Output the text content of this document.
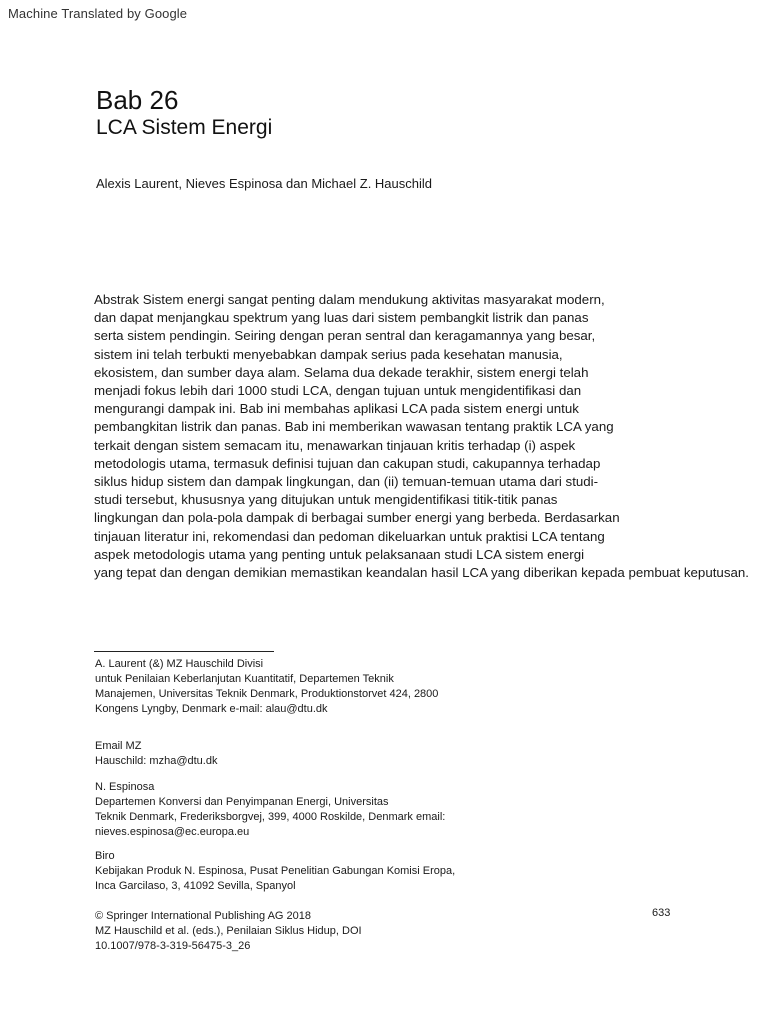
Machine Translated by Google
Bab 26
LCA Sistem Energi
Alexis Laurent, Nieves Espinosa dan Michael Z. Hauschild
Abstrak Sistem energi sangat penting dalam mendukung aktivitas masyarakat modern,
dan dapat menjangkau spektrum yang luas dari sistem pembangkit listrik dan panas
serta sistem pendingin. Seiring dengan peran sentral dan keragamannya yang besar,
sistem ini telah terbukti menyebabkan dampak serius pada kesehatan manusia,
ekosistem, dan sumber daya alam. Selama dua dekade terakhir, sistem energi telah
menjadi fokus lebih dari 1000 studi LCA, dengan tujuan untuk mengidentifikasi dan
mengurangi dampak ini. Bab ini membahas aplikasi LCA pada sistem energi untuk
pembangkitan listrik dan panas. Bab ini memberikan wawasan tentang praktik LCA yang
terkait dengan sistem semacam itu, menawarkan tinjauan kritis terhadap (i) aspek
metodologis utama, termasuk definisi tujuan dan cakupan studi, cakupannya terhadap
siklus hidup sistem dan dampak lingkungan, dan (ii) temuan-temuan utama dari studi-
studi tersebut, khususnya yang ditujukan untuk mengidentifikasi titik-titik panas
lingkungan dan pola-pola dampak di berbagai sumber energi yang berbeda. Berdasarkan
tinjauan literatur ini, rekomendasi dan pedoman dikeluarkan untuk praktisi LCA tentang
aspek metodologis utama yang penting untuk pelaksanaan studi LCA sistem energi
yang tepat dan dengan demikian memastikan keandalan hasil LCA yang diberikan kepada pembuat keputusan.
A. Laurent (&) MZ Hauschild Divisi
untuk Penilaian Keberlanjutan Kuantitatif, Departemen Teknik
Manajemen, Universitas Teknik Denmark, Produktionstorvet 424, 2800
Kongens Lyngby, Denmark e-mail: alau@dtu.dk
Email MZ
Hauschild: mzha@dtu.dk
N. Espinosa
Departemen Konversi dan Penyimpanan Energi, Universitas
Teknik Denmark, Frederiksborgvej, 399, 4000 Roskilde, Denmark email:
nieves.espinosa@ec.europa.eu
Biro
Kebijakan Produk N. Espinosa, Pusat Penelitian Gabungan Komisi Eropa,
Inca Garcilaso, 3, 41092 Sevilla, Spanyol
© Springer International Publishing AG 2018
MZ Hauschild et al. (eds.), Penilaian Siklus Hidup, DOI
10.1007/978-3-319-56475-3_26
633
